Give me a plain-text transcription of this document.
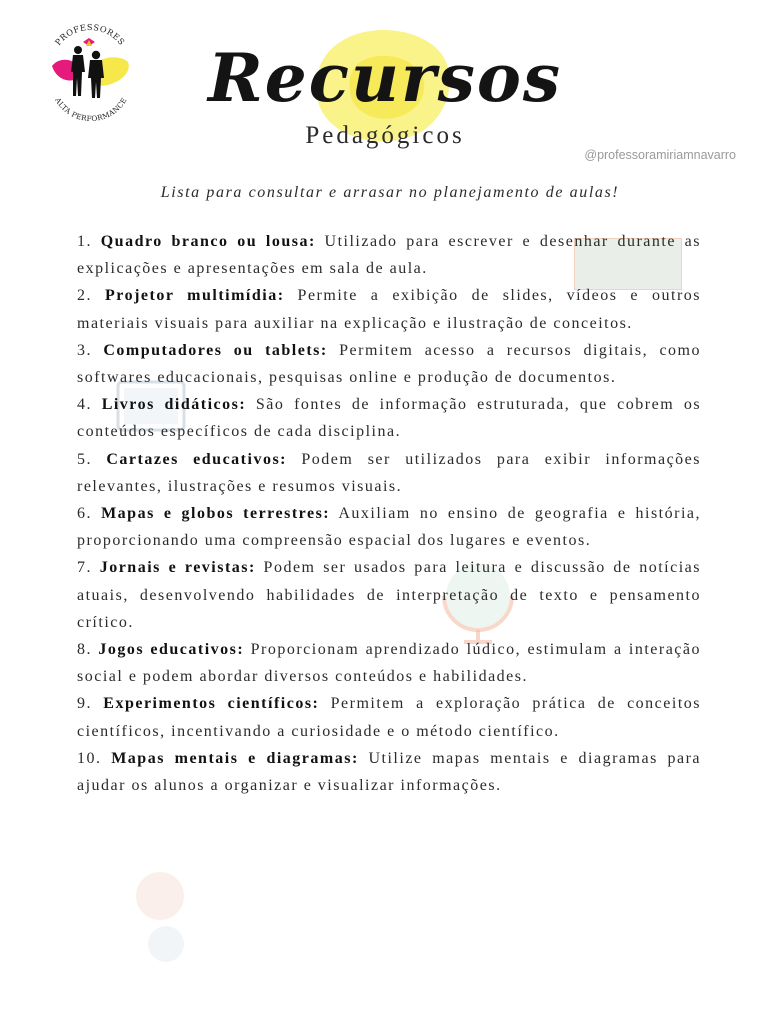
PROFESSORES
ALTA PERFORMANCE Recursos
Pedagógicos
@professoramiriamnavarro
Lista para consultar e arrasar no planejamento de aulas!
1. Quadro branco ou lousa: Utilizado para escrever e desenhar durante as explicações e apresentações em sala de aula.
2. Projetor multimídia: Permite a exibição de slides, vídeos e outros materiais visuais para auxiliar na explicação e ilustração de conceitos.
3. Computadores ou tablets: Permitem acesso a recursos digitais, como softwares educacionais, pesquisas online e produção de documentos.
4. Livros didáticos: São fontes de informação estruturada, que cobrem os conteúdos específicos de cada disciplina.
5. Cartazes educativos: Podem ser utilizados para exibir informações relevantes, ilustrações e resumos visuais.
6. Mapas e globos terrestres: Auxiliam no ensino de geografia e história, proporcionando uma compreensão espacial dos lugares e eventos.
7. Jornais e revistas: Podem ser usados para leitura e discussão de notícias atuais, desenvolvendo habilidades de interpretação de texto e pensamento crítico.
8. Jogos educativos: Proporcionam aprendizado lúdico, estimulam a interação social e podem abordar diversos conteúdos e habilidades.
9. Experimentos científicos: Permitem a exploração prática de conceitos científicos, incentivando a curiosidade e o método científico.
10. Mapas mentais e diagramas: Utilize mapas mentais e diagramas para ajudar os alunos a organizar e visualizar informações.
